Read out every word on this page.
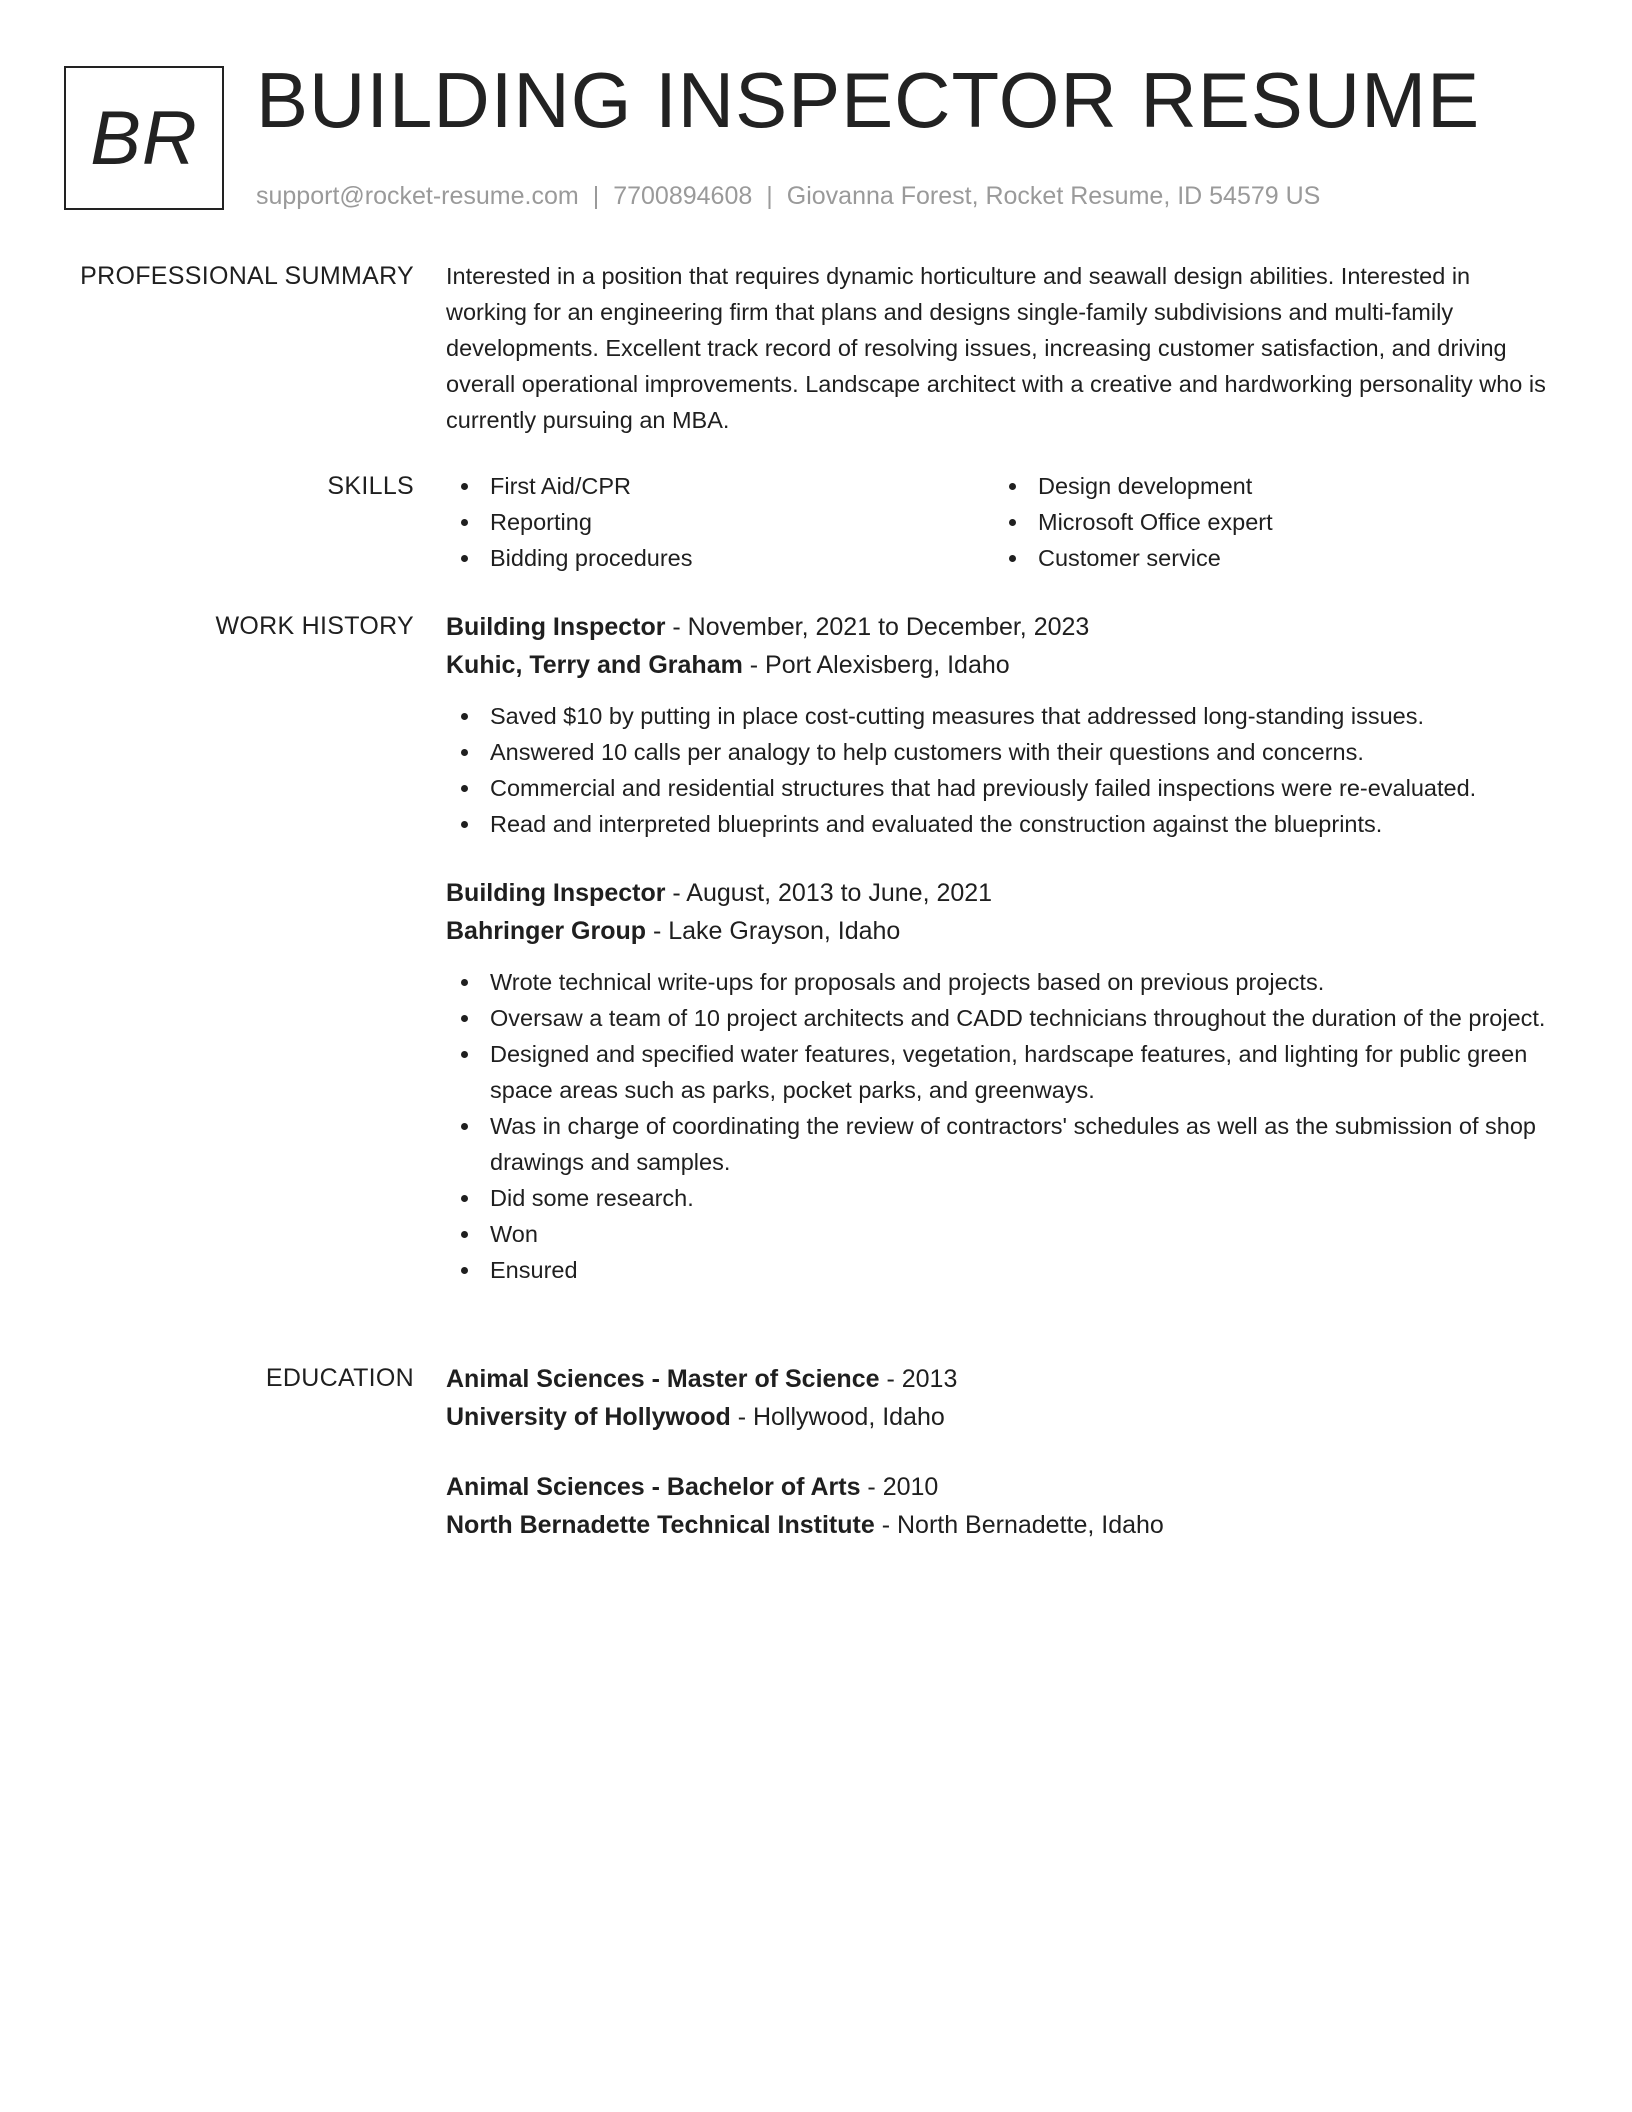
BR BUILDING INSPECTOR RESUME
support@rocket-resume.com | 7700894608 | Giovanna Forest, Rocket Resume, ID 54579 US
PROFESSIONAL SUMMARY Interested in a position that requires dynamic horticulture and seawall design abilities. Interested in working for an engineering firm that plans and designs single-family subdivisions and multi-family developments. Excellent track record of resolving issues, increasing customer satisfaction, and driving overall operational improvements. Landscape architect with a creative and hardworking personality who is currently pursuing an MBA.
SKILLS	First Aid/CPR
Reporting
Bidding procedures
Design development
Microsoft Office expert
Customer service
WORK HISTORY Building Inspector - November, 2021 to December, 2023
Kuhic, Terry and Graham - Port Alexisberg, Idaho
Saved $10 by putting in place cost-cutting measures that addressed long-standing issues.
Answered 10 calls per analogy to help customers with their questions and concerns.
Commercial and residential structures that had previously failed inspections were re-evaluated.
Read and interpreted blueprints and evaluated the construction against the blueprints.
Building Inspector - August, 2013 to June, 2021
Bahringer Group - Lake Grayson, Idaho
Wrote technical write-ups for proposals and projects based on previous projects.
Oversaw a team of 10 project architects and CADD technicians throughout the duration of the project.
Designed and specified water features, vegetation, hardscape features, and lighting for public green space areas such as parks, pocket parks, and greenways.
Was in charge of coordinating the review of contractors' schedules as well as the submission of shop drawings and samples.
Did some research.
Won
Ensured
EDUCATION Animal Sciences - Master of Science - 2013
University of Hollywood - Hollywood, Idaho
Animal Sciences - Bachelor of Arts - 2010
North Bernadette Technical Institute - North Bernadette, Idaho
